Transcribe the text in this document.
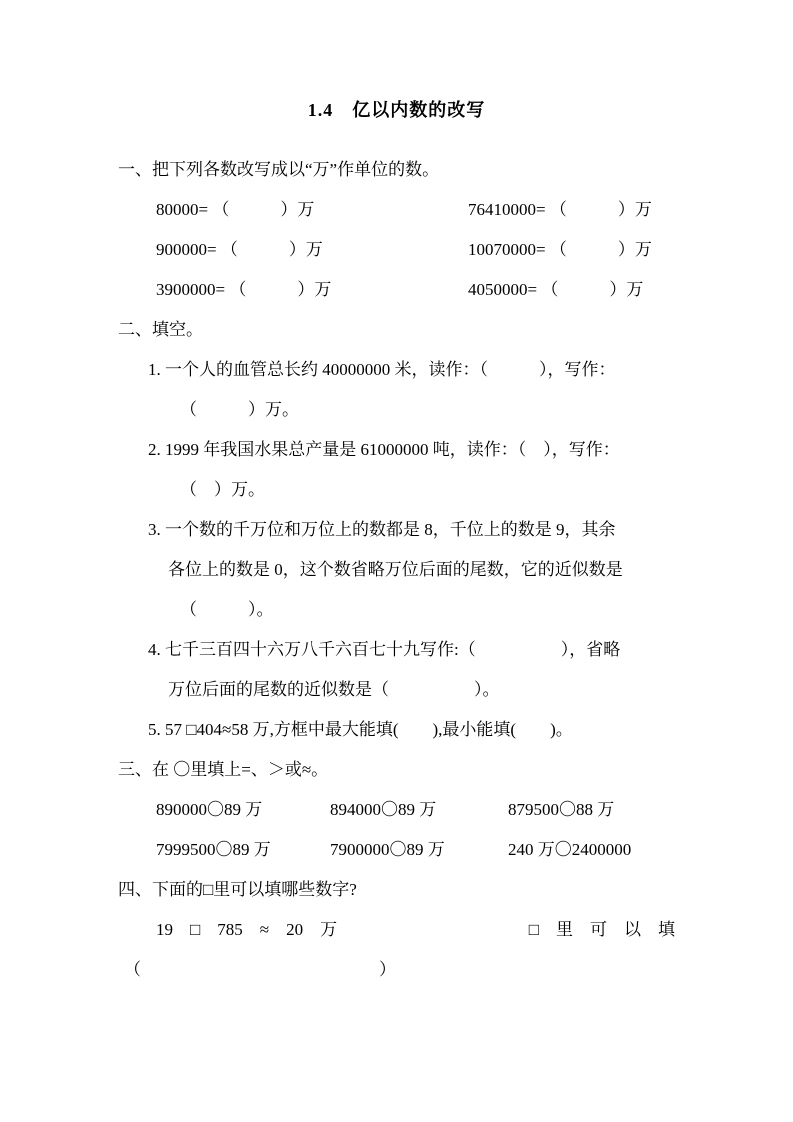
1.4　亿以内数的改写
一、把下列各数改写成以“万”作单位的数。
80000= （　　　）万	76410000= （　　　）万
900000= （　　　）万	10070000= （　　　）万
3900000= （　　　）万	4050000= （　　　）万
二、填空。
1. 一个人的血管总长约 40000000 米，读作：（　　　），写作：
（　　　）万。
2. 1999 年我国水果总产量是 61000000 吨，读作：（　），写作：
（　）万。
3. 一个数的千万位和万位上的数都是 8，千位上的数是 9，其余
各位上的数是 0，这个数省略万位后面的尾数，它的近似数是
（　　　）。
4. 七千三百四十六万八千六百七十九写作:（　　　　　），省略
万位后面的尾数的近似数是（　　　　　）。
5. 57 □404≈58 万,方框中最大能填(　　),最小能填(　　)。
三、在 〇里填上=、＞或≈。
890000〇89 万	894000〇89 万	879500〇88 万
7999500〇89 万	7900000〇89 万	240 万〇2400000
四、下面的□里可以填哪些数字?
19　□　785　≈　20　万	□　里　可　以　填
（　　　　　　　　　　　　　　）
